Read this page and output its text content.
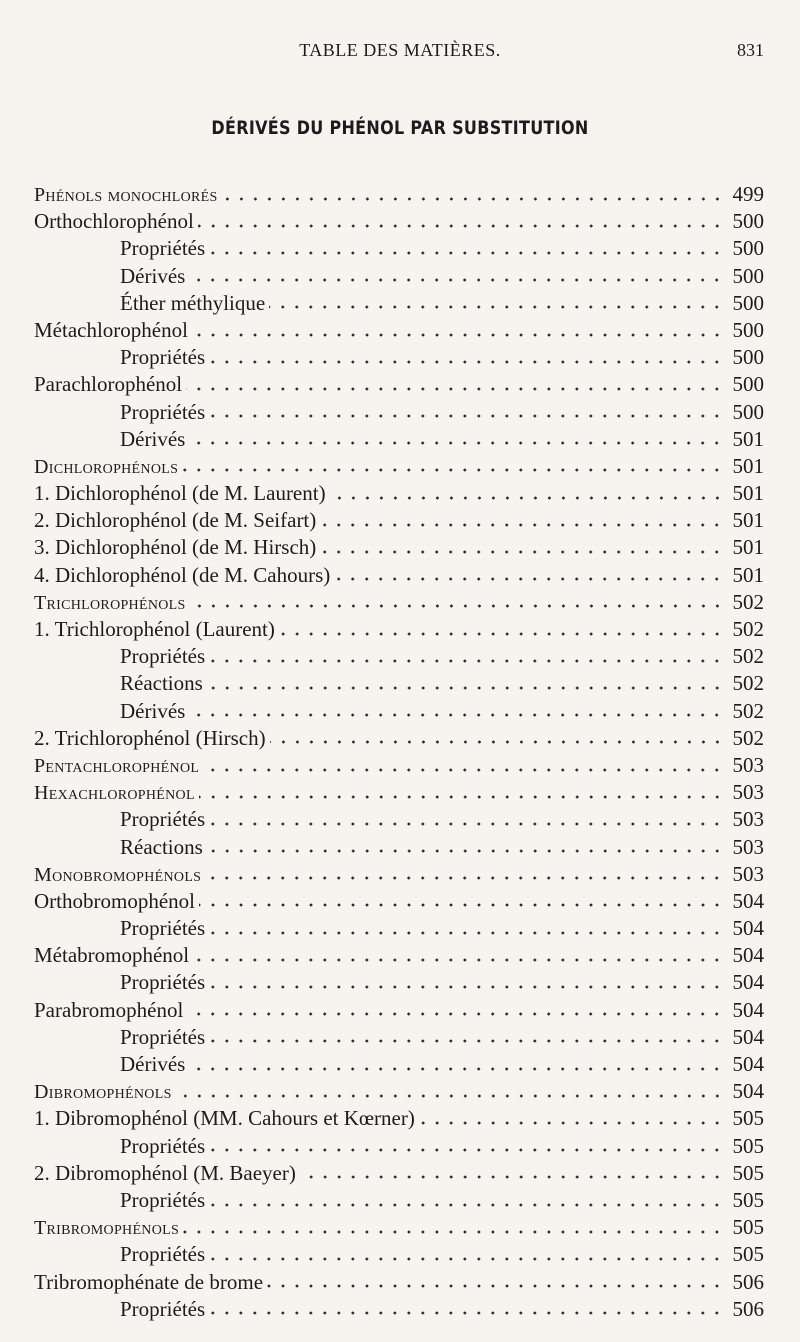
TABLE DES MATIÈRES.	831
DÉRIVÉS DU PHÉNOL PAR SUBSTITUTION
Phénols monochlorés	499
Orthochlorophénol	500
Propriétés	500
Dérivés	500
Éther méthylique	500
Métachlorophénol	500
Propriétés	500
Parachlorophénol	500
Propriétés	500
Dérivés	501
Dichlorophénols	501
1. Dichlorophénol (de M. Laurent)	501
2. Dichlorophénol (de M. Seifart)	501
3. Dichlorophénol (de M. Hirsch)	501
4. Dichlorophénol (de M. Cahours)	501
Trichlorophénols	502
1. Trichlorophénol (Laurent)	502
Propriétés	502
Réactions	502
Dérivés	502
2. Trichlorophénol (Hirsch)	502
Pentachlorophénol	503
Hexachlorophénol	503
Propriétés	503
Réactions	503
Monobromophénols	503
Orthobromophénol	504
Propriétés	504
Métabromophénol	504
Propriétés	504
Parabromophénol	504
Propriétés	504
Dérivés	504
Dibromophénols	504
1. Dibromophénol (MM. Cahours et Kœrner)	505
Propriétés	505
2. Dibromophénol (M. Baeyer)	505
Propriétés	505
Tribromophénols	505
Propriétés	505
Tribromophénate de brome	506
Propriétés	506
